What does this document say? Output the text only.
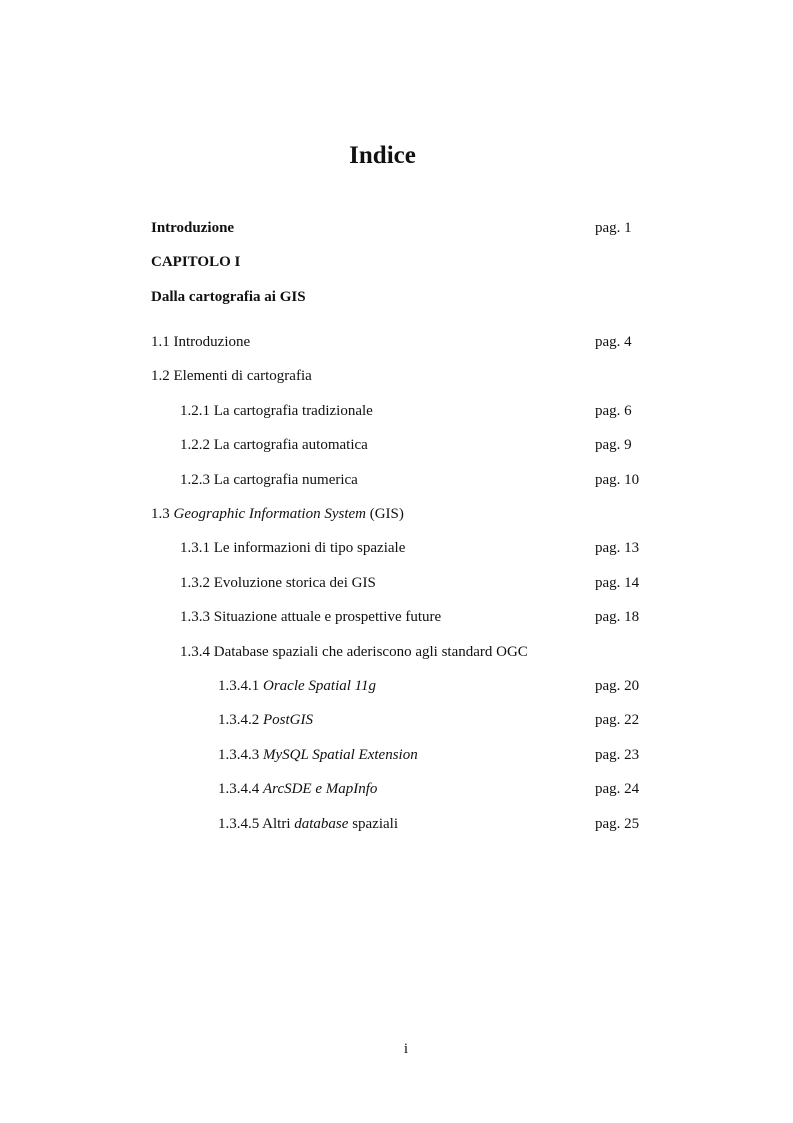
Indice
Introduzione	pag. 1
CAPITOLO I
Dalla cartografia ai GIS
1.1 Introduzione	pag. 4
1.2 Elementi di cartografia
1.2.1 La cartografia tradizionale	pag. 6
1.2.2 La cartografia automatica	pag. 9
1.2.3 La cartografia numerica	pag. 10
1.3 Geographic Information System (GIS)
1.3.1 Le informazioni di tipo spaziale	pag. 13
1.3.2 Evoluzione storica dei GIS	pag. 14
1.3.3 Situazione attuale e prospettive future	pag. 18
1.3.4 Database spaziali che aderiscono agli standard OGC
1.3.4.1 Oracle Spatial 11g	pag. 20
1.3.4.2 PostGIS	pag. 22
1.3.4.3 MySQL Spatial Extension	pag. 23
1.3.4.4 ArcSDE e MapInfo	pag. 24
1.3.4.5 Altri database spaziali	pag. 25
i
